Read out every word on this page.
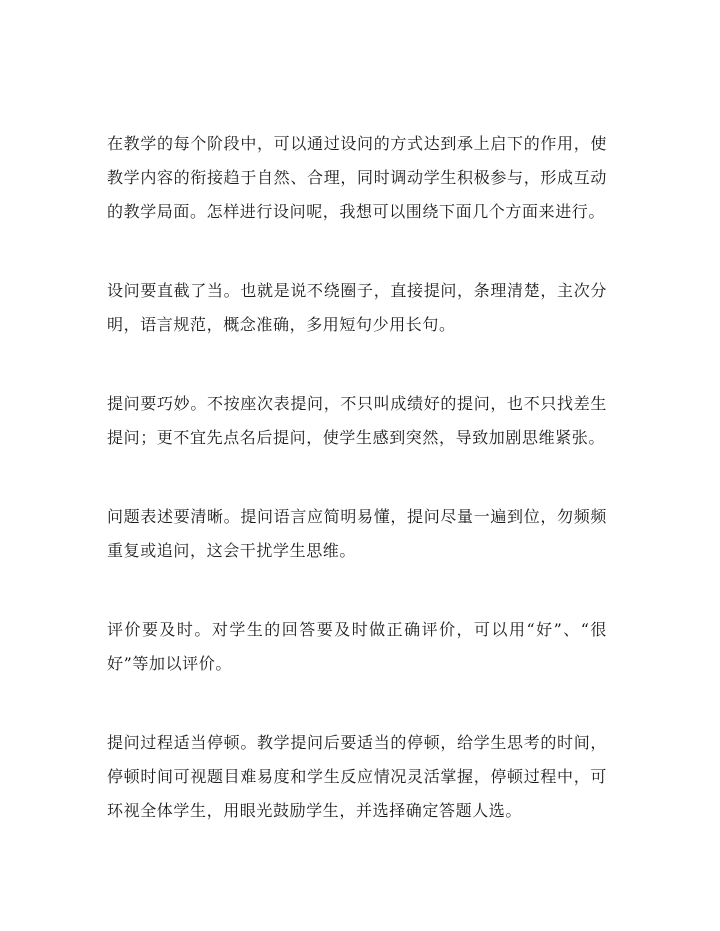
在教学的每个阶段中，可以通过设问的方式达到承上启下的作用，使教学内容的衔接趋于自然、合理，同时调动学生积极参与，形成互动的教学局面。怎样进行设问呢，我想可以围绕下面几个方面来进行。

设问要直截了当。也就是说不绕圈子，直接提问，条理清楚，主次分明，语言规范，概念准确，多用短句少用长句。

提问要巧妙。不按座次表提问，不只叫成绩好的提问，也不只找差生提问；更不宜先点名后提问，使学生感到突然，导致加剧思维紧张。

问题表述要清晰。提问语言应简明易懂，提问尽量一遍到位，勿频频重复或追问，这会干扰学生思维。

评价要及时。对学生的回答要及时做正确评价，可以用“好”、“很好”等加以评价。

提问过程适当停顿。教学提问后要适当的停顿，给学生思考的时间，停顿时间可视题目难易度和学生反应情况灵活掌握，停顿过程中，可环视全体学生，用眼光鼓励学生，并选择确定答题人选。
